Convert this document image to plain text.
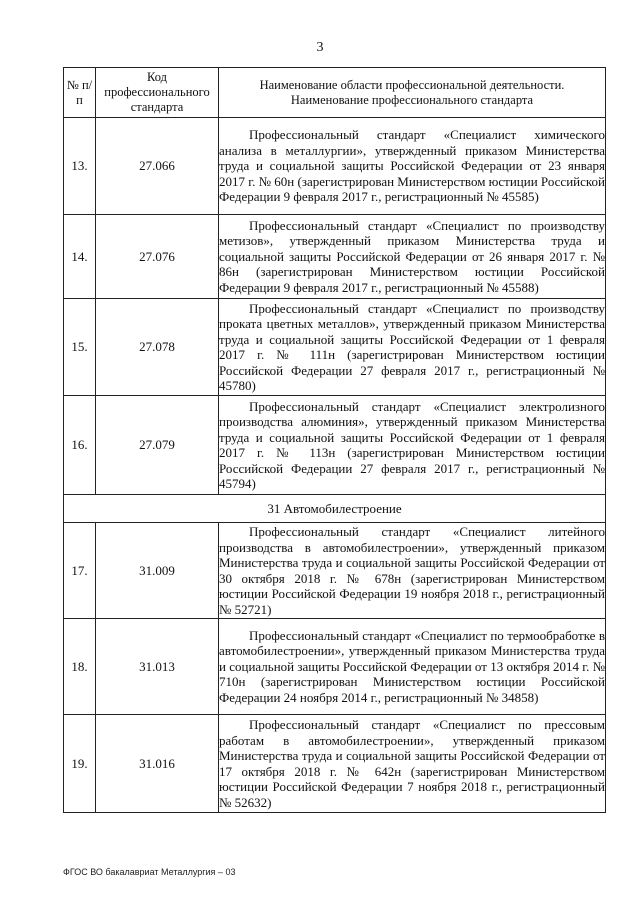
3
№ п/п	Код профессионального стандарта	Наименование области профессиональной деятельности.
Наименование профессионального стандарта

13.	27.066	Профессиональный стандарт «Специалист химического анализа в металлургии», утвержденный приказом Министерства труда и социальной защиты Российской Федерации от 23 января 2017 г. № 60н (зарегистрирован Министерством юстиции Российской Федерации 9 февраля 2017 г., регистрационный № 45585)
14.	27.076	Профессиональный стандарт «Специалист по производству метизов», утвержденный приказом Министерства труда и социальной защиты Российской Федерации от 26 января 2017 г. № 86н (зарегистрирован Министерством юстиции Российской Федерации 9 февраля 2017 г., регистрационный № 45588)
15.	27.078	Профессиональный стандарт «Специалист по производству проката цветных металлов», утвержденный приказом Министерства труда и социальной защиты Российской Федерации от 1 февраля 2017 г. № 111н (зарегистрирован Министерством юстиции Российской Федерации 27 февраля 2017 г., регистрационный № 45780)
16.	27.079	Профессиональный стандарт «Специалист электролизного производства алюминия», утвержденный приказом Министерства труда и социальной защиты Российской Федерации от 1 февраля 2017 г. № 113н (зарегистрирован Министерством юстиции Российской Федерации 27 февраля 2017 г., регистрационный № 45794)
31 Автомобилестроение		
17.	31.009	Профессиональный стандарт «Специалист литейного производства в автомобилестроении», утвержденный приказом Министерства труда и социальной защиты Российской Федерации от 30 октября 2018 г. № 678н (зарегистрирован Министерством юстиции Российской Федерации 19 ноября 2018 г., регистрационный № 52721)
18.	31.013	Профессиональный стандарт «Специалист по термообработке в автомобилестроении», утвержденный приказом Министерства труда и социальной защиты Российской Федерации от 13 октября 2014 г. № 710н (зарегистрирован Министерством юстиции Российской Федерации 24 ноября 2014 г., регистрационный № 34858)
19.	31.016	Профессиональный стандарт «Специалист по прессовым работам в автомобилестроении», утвержденный приказом Министерства труда и социальной защиты Российской Федерации от 17 октября 2018 г. № 642н (зарегистрирован Министерством юстиции Российской Федерации 7 ноября 2018 г., регистрационный № 52632)
ФГОС ВО бакалавриат Металлургия – 03
